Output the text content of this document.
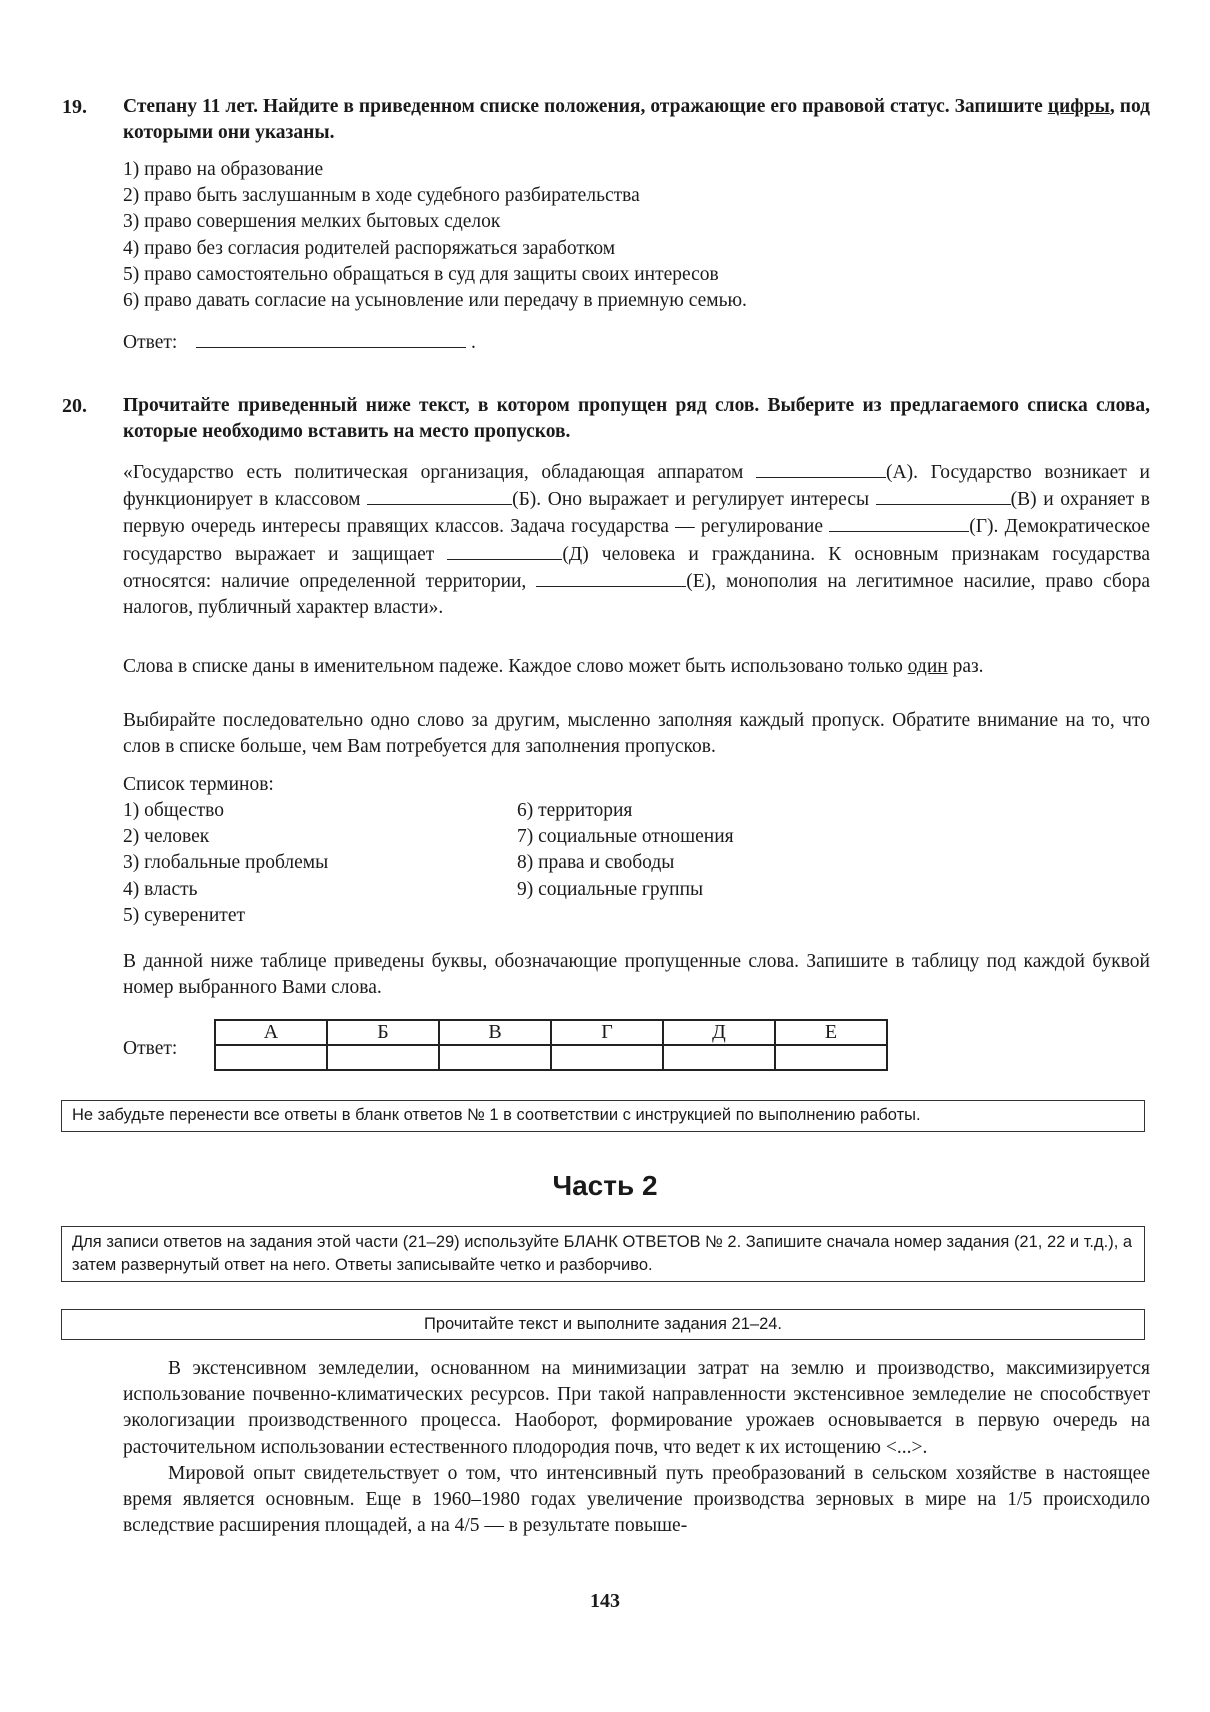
19. Степану 11 лет. Найдите в приведенном списке положения, отражающие его правовой статус. Запишите цифры, под которыми они указаны.
1) право на образование
2) право быть заслушанным в ходе судебного разбирательства
3) право совершения мелких бытовых сделок
4) право без согласия родителей распоряжаться заработком
5) право самостоятельно обращаться в суд для защиты своих интересов
6) право давать согласие на усыновление или передачу в приемную семью.
Ответ:	.
20. Прочитайте приведенный ниже текст, в котором пропущен ряд слов. Выберите из предлагаемого списка слова, которые необходимо вставить на место пропусков.
«Государство есть политическая организация, обладающая аппаратом	(А). Государство возникает и функционирует в классовом	(Б). Оно выражает и регулирует интересы	(В) и охраняет в первую очередь интересы правящих классов. Задача государства — регулирование	(Г). Демократическое государство выражает и защищает	(Д) человека и гражданина. К основным признакам государства относятся: наличие определенной территории,	(Е), монополия на легитимное насилие, право сбора налогов, публичный характер власти».
Слова в списке даны в именительном падеже. Каждое слово может быть использовано только один раз.
Выбирайте последовательно одно слово за другим, мысленно заполняя каждый пропуск. Обратите внимание на то, что слов в списке больше, чем Вам потребуется для заполнения пропусков.
Список терминов:
1) общество
2) человек
3) глобальные проблемы
4) власть
5) суверенитет
6) территория
7) социальные отношения
8) права и свободы
9) социальные группы
В данной ниже таблице приведены буквы, обозначающие пропущенные слова. Запишите в таблицу под каждой буквой номер выбранного Вами слова.
Ответ:
А	Б	В	Г	Д	Е

Не забудьте перенести все ответы в бланк ответов № 1 в соответствии с инструкцией по выполнению работы.
Часть 2
Для записи ответов на задания этой части (21–29) используйте БЛАНК ОТВЕТОВ № 2. Запишите сначала номер задания (21, 22 и т.д.), а затем развернутый ответ на него. Ответы записывайте четко и разборчиво.
Прочитайте текст и выполните задания 21–24.
В экстенсивном земледелии, основанном на минимизации затрат на землю и производство, максимизируется использование почвенно-климатических ресурсов. При такой направленности экстенсивное земледелие не способствует экологизации производственного процесса. Наоборот, формирование урожаев основывается в первую очередь на расточительном использовании естественного плодородия почв, что ведет к их истощению <...>.
Мировой опыт свидетельствует о том, что интенсивный путь преобразований в сельском хозяйстве в настоящее время является основным. Еще в 1960–1980 годах увеличение производства зерновых в мире на 1/5 происходило вследствие расширения площадей, а на 4/5 — в результате повыше-
143
